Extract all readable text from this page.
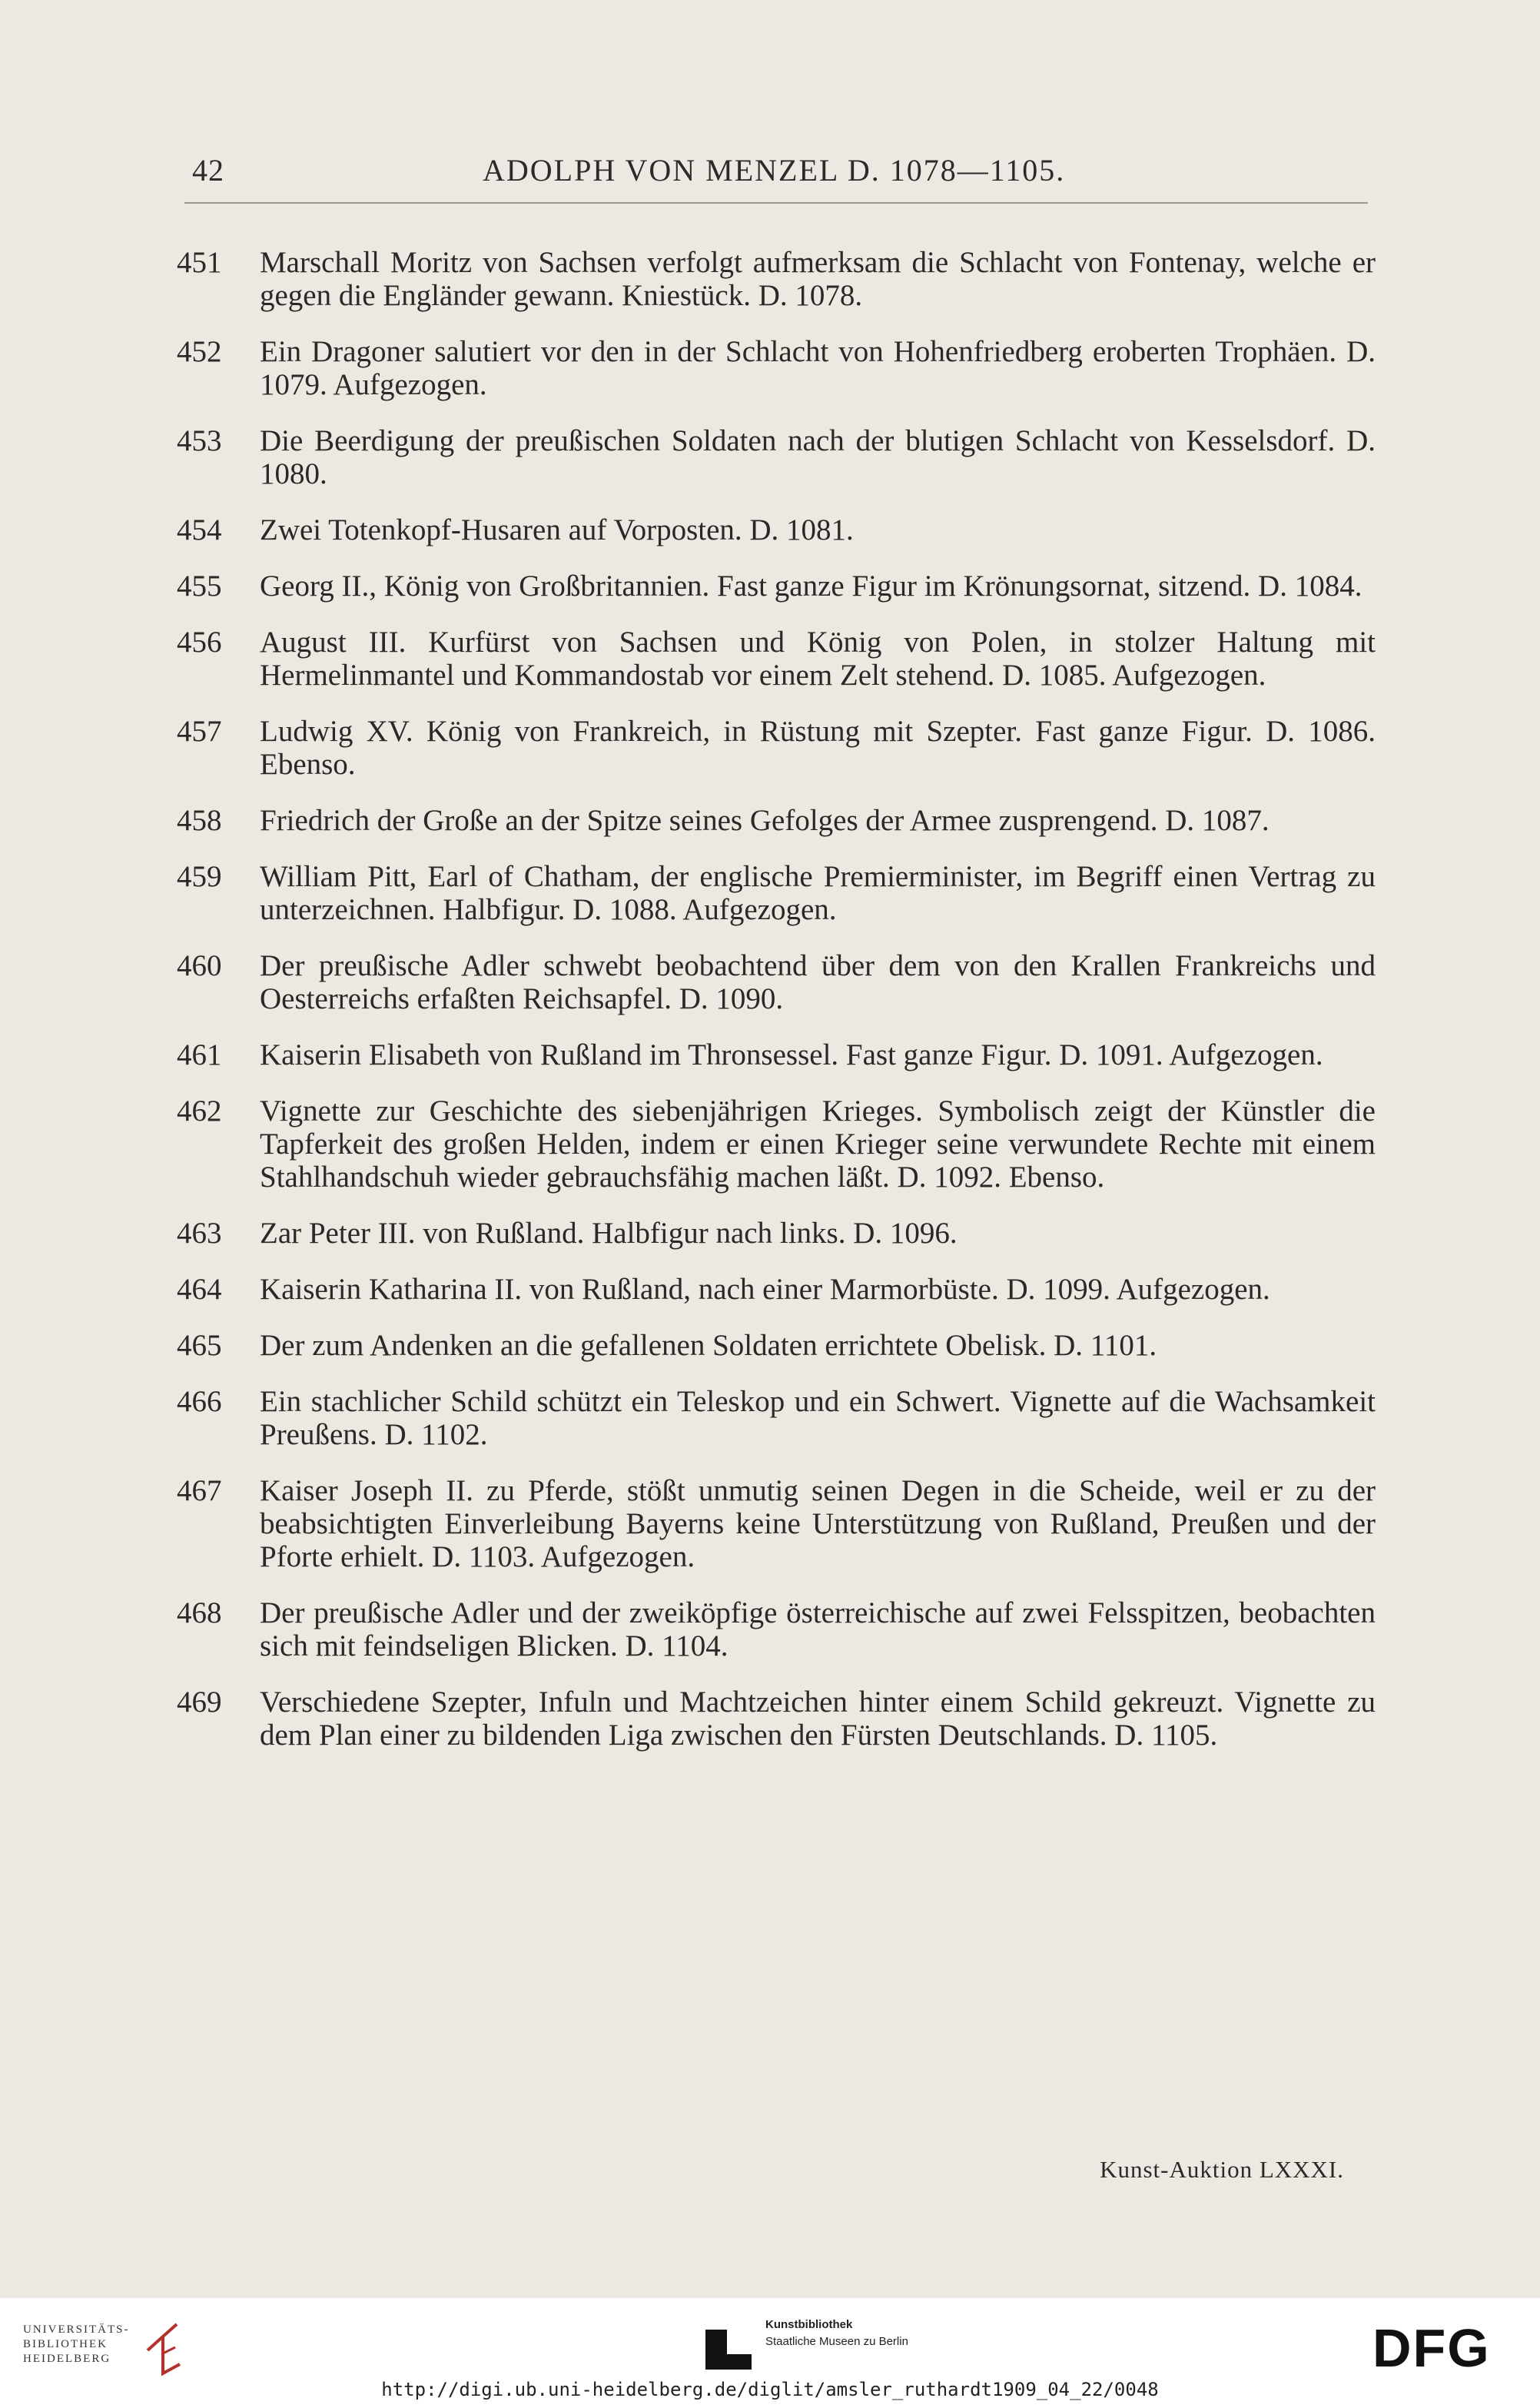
42	ADOLPH VON MENZEL D. 1078—1105.
451	Marschall Moritz von Sachsen verfolgt aufmerksam die Schlacht von Fontenay, welche er gegen die Engländer gewann. Kniestück. D. 1078.
452	Ein Dragoner salutiert vor den in der Schlacht von Hohenfriedberg eroberten Trophäen. D. 1079. Aufgezogen.
453	Die Beerdigung der preußischen Soldaten nach der blutigen Schlacht von Kesselsdorf. D. 1080.
454	Zwei Totenkopf-Husaren auf Vorposten. D. 1081.
455	Georg II., König von Großbritannien. Fast ganze Figur im Krönungsornat, sitzend. D. 1084.
456	August III. Kurfürst von Sachsen und König von Polen, in stolzer Haltung mit Hermelinmantel und Kommandostab vor einem Zelt stehend. D. 1085. Aufgezogen.
457	Ludwig XV. König von Frankreich, in Rüstung mit Szepter. Fast ganze Figur. D. 1086. Ebenso.
458	Friedrich der Große an der Spitze seines Gefolges der Armee zusprengend. D. 1087.
459	William Pitt, Earl of Chatham, der englische Premierminister, im Begriff einen Vertrag zu unterzeichnen. Halbfigur. D. 1088. Aufgezogen.
460	Der preußische Adler schwebt beobachtend über dem von den Krallen Frankreichs und Oesterreichs erfaßten Reichsapfel. D. 1090.
461	Kaiserin Elisabeth von Rußland im Thronsessel. Fast ganze Figur. D. 1091. Aufgezogen.
462	Vignette zur Geschichte des siebenjährigen Krieges. Symbolisch zeigt der Künstler die Tapferkeit des großen Helden, indem er einen Krieger seine verwundete Rechte mit einem Stahlhandschuh wieder gebrauchsfähig machen läßt. D. 1092. Ebenso.
463	Zar Peter III. von Rußland. Halbfigur nach links. D. 1096.
464	Kaiserin Katharina II. von Rußland, nach einer Marmorbüste. D. 1099. Aufgezogen.
465	Der zum Andenken an die gefallenen Soldaten errichtete Obelisk. D. 1101.
466	Ein stachlicher Schild schützt ein Teleskop und ein Schwert. Vignette auf die Wachsamkeit Preußens. D. 1102.
467	Kaiser Joseph II. zu Pferde, stößt unmutig seinen Degen in die Scheide, weil er zu der beabsichtigten Einverleibung Bayerns keine Unterstützung von Rußland, Preußen und der Pforte erhielt. D. 1103. Aufgezogen.
468	Der preußische Adler und der zweiköpfige österreichische auf zwei Felsspitzen, beobachten sich mit feindseligen Blicken. D. 1104.
469	Verschiedene Szepter, Infuln und Machtzeichen hinter einem Schild gekreuzt. Vignette zu dem Plan einer zu bildenden Liga zwischen den Fürsten Deutschlands. D. 1105.
Kunst-Auktion LXXXI.
UNIVERSITÄTS-
BIBLIOTHEK
HEIDELBERG
Kunstbibliothek
Staatliche Museen zu Berlin	DFG
http://digi.ub.uni-heidelberg.de/diglit/amsler_ruthardt1909_04_22/0048
